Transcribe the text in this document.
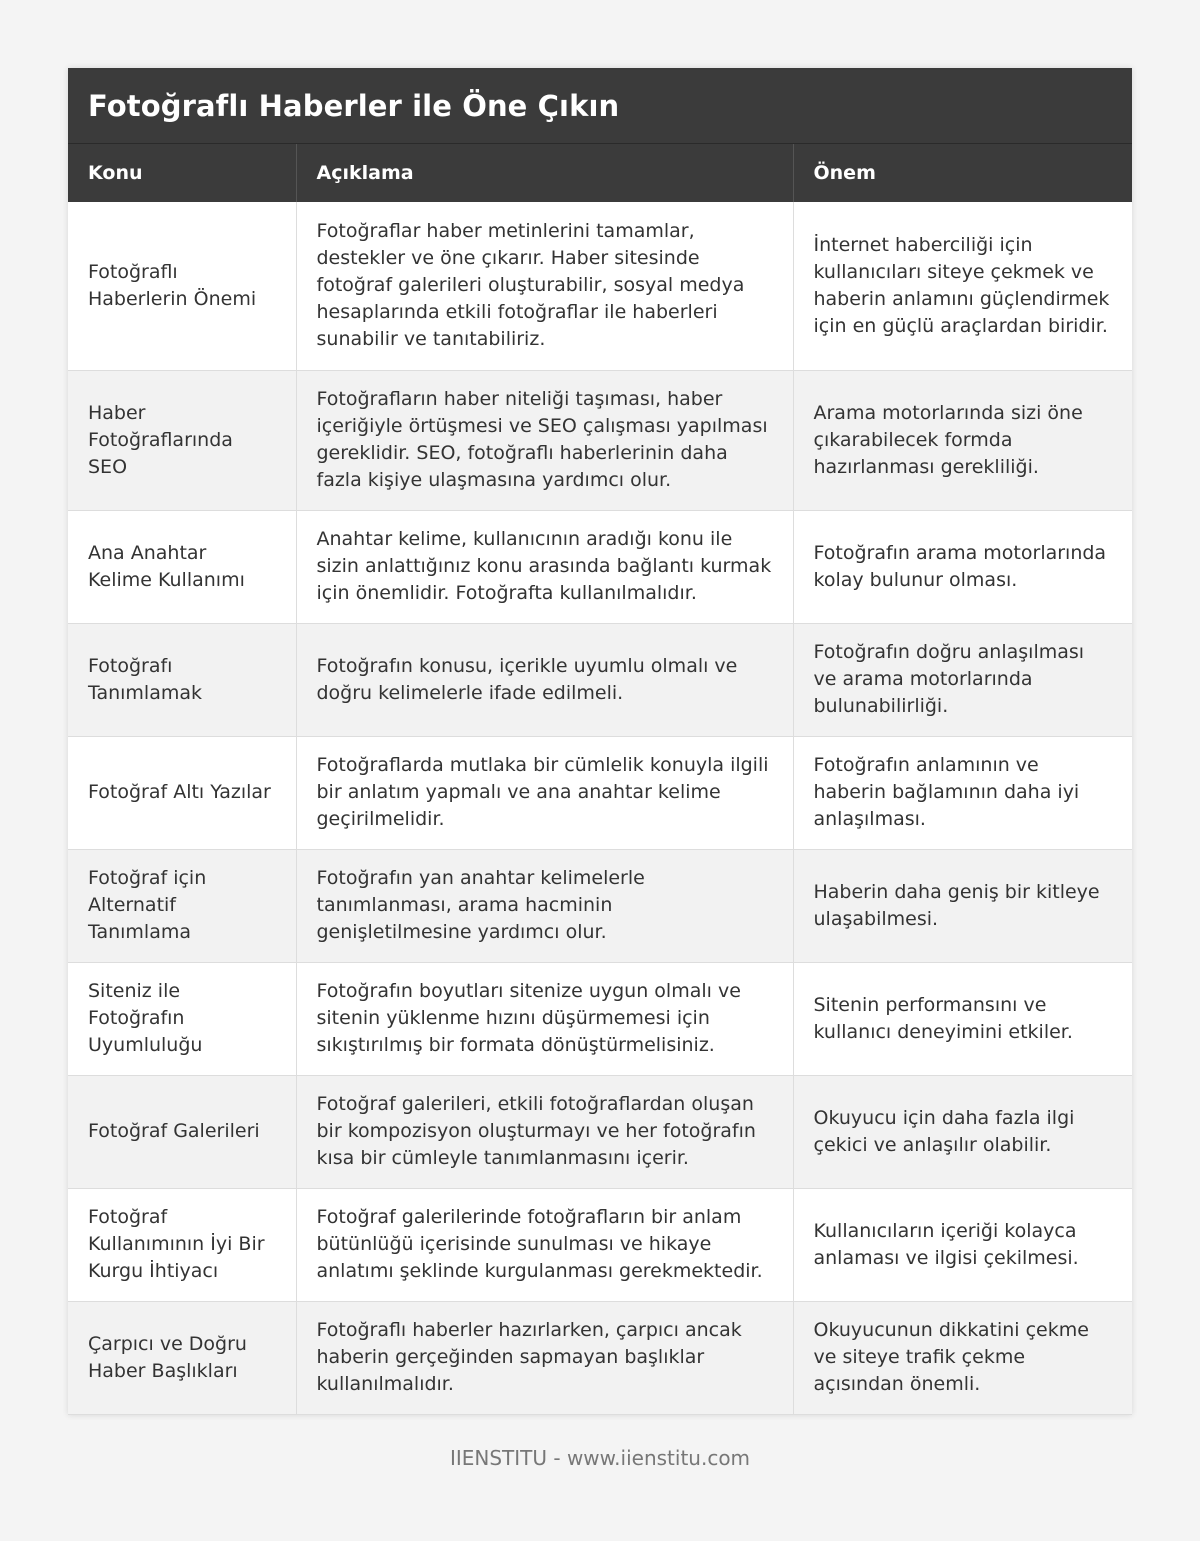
Fotoğraflı Haberler ile Öne Çıkın
Konu	Açıklama	Önem
Fotoğraflı Haberlerin Önemi	Fotoğraflar haber metinlerini tamamlar, destekler ve öne çıkarır. Haber sitesinde fotoğraf galerileri oluşturabilir, sosyal medya hesaplarında etkili fotoğraflar ile haberleri sunabilir ve tanıtabiliriz.	İnternet haberciliği için kullanıcıları siteye çekmek ve haberin anlamını güçlendirmek için en güçlü araçlardan biridir.
Haber Fotoğraflarında SEO	Fotoğrafların haber niteliği taşıması, haber içeriğiyle örtüşmesi ve SEO çalışması yapılması gereklidir. SEO, fotoğraflı haberlerinin daha fazla kişiye ulaşmasına yardımcı olur.	Arama motorlarında sizi öne çıkarabilecek formda hazırlanması gerekliliği.
Ana Anahtar Kelime Kullanımı	Anahtar kelime, kullanıcının aradığı konu ile sizin anlattığınız konu arasında bağlantı kurmak için önemlidir. Fotoğrafta kullanılmalıdır.	Fotoğrafın arama motorlarında kolay bulunur olması.
Fotoğrafı Tanımlamak	Fotoğrafın konusu, içerikle uyumlu olmalı ve doğru kelimelerle ifade edilmeli.	Fotoğrafın doğru anlaşılması ve arama motorlarında bulunabilirliği.
Fotoğraf Altı Yazılar	Fotoğraflarda mutlaka bir cümlelik konuyla ilgili bir anlatım yapmalı ve ana anahtar kelime geçirilmelidir.	Fotoğrafın anlamının ve haberin bağlamının daha iyi anlaşılması.
Fotoğraf için Alternatif Tanımlama	Fotoğrafın yan anahtar kelimelerle tanımlanması, arama hacminin genişletilmesine yardımcı olur.	Haberin daha geniş bir kitleye ulaşabilmesi.
Siteniz ile Fotoğrafın Uyumluluğu	Fotoğrafın boyutları sitenize uygun olmalı ve sitenin yüklenme hızını düşürmemesi için sıkıştırılmış bir formata dönüştürmelisiniz.	Sitenin performansını ve kullanıcı deneyimini etkiler.
Fotoğraf Galerileri	Fotoğraf galerileri, etkili fotoğraflardan oluşan bir kompozisyon oluşturmayı ve her fotoğrafın kısa bir cümleyle tanımlanmasını içerir.	Okuyucu için daha fazla ilgi çekici ve anlaşılır olabilir.
Fotoğraf Kullanımının İyi Bir Kurgu İhtiyacı	Fotoğraf galerilerinde fotoğrafların bir anlam bütünlüğü içerisinde sunulması ve hikaye anlatımı şeklinde kurgulanması gerekmektedir.	Kullanıcıların içeriği kolayca anlaması ve ilgisi çekilmesi.
Çarpıcı ve Doğru Haber Başlıkları	Fotoğraflı haberler hazırlarken, çarpıcı ancak haberin gerçeğinden sapmayan başlıklar kullanılmalıdır.	Okuyucunun dikkatini çekme ve siteye trafik çekme açısından önemli.
IIENSTITU - www.iienstitu.com
